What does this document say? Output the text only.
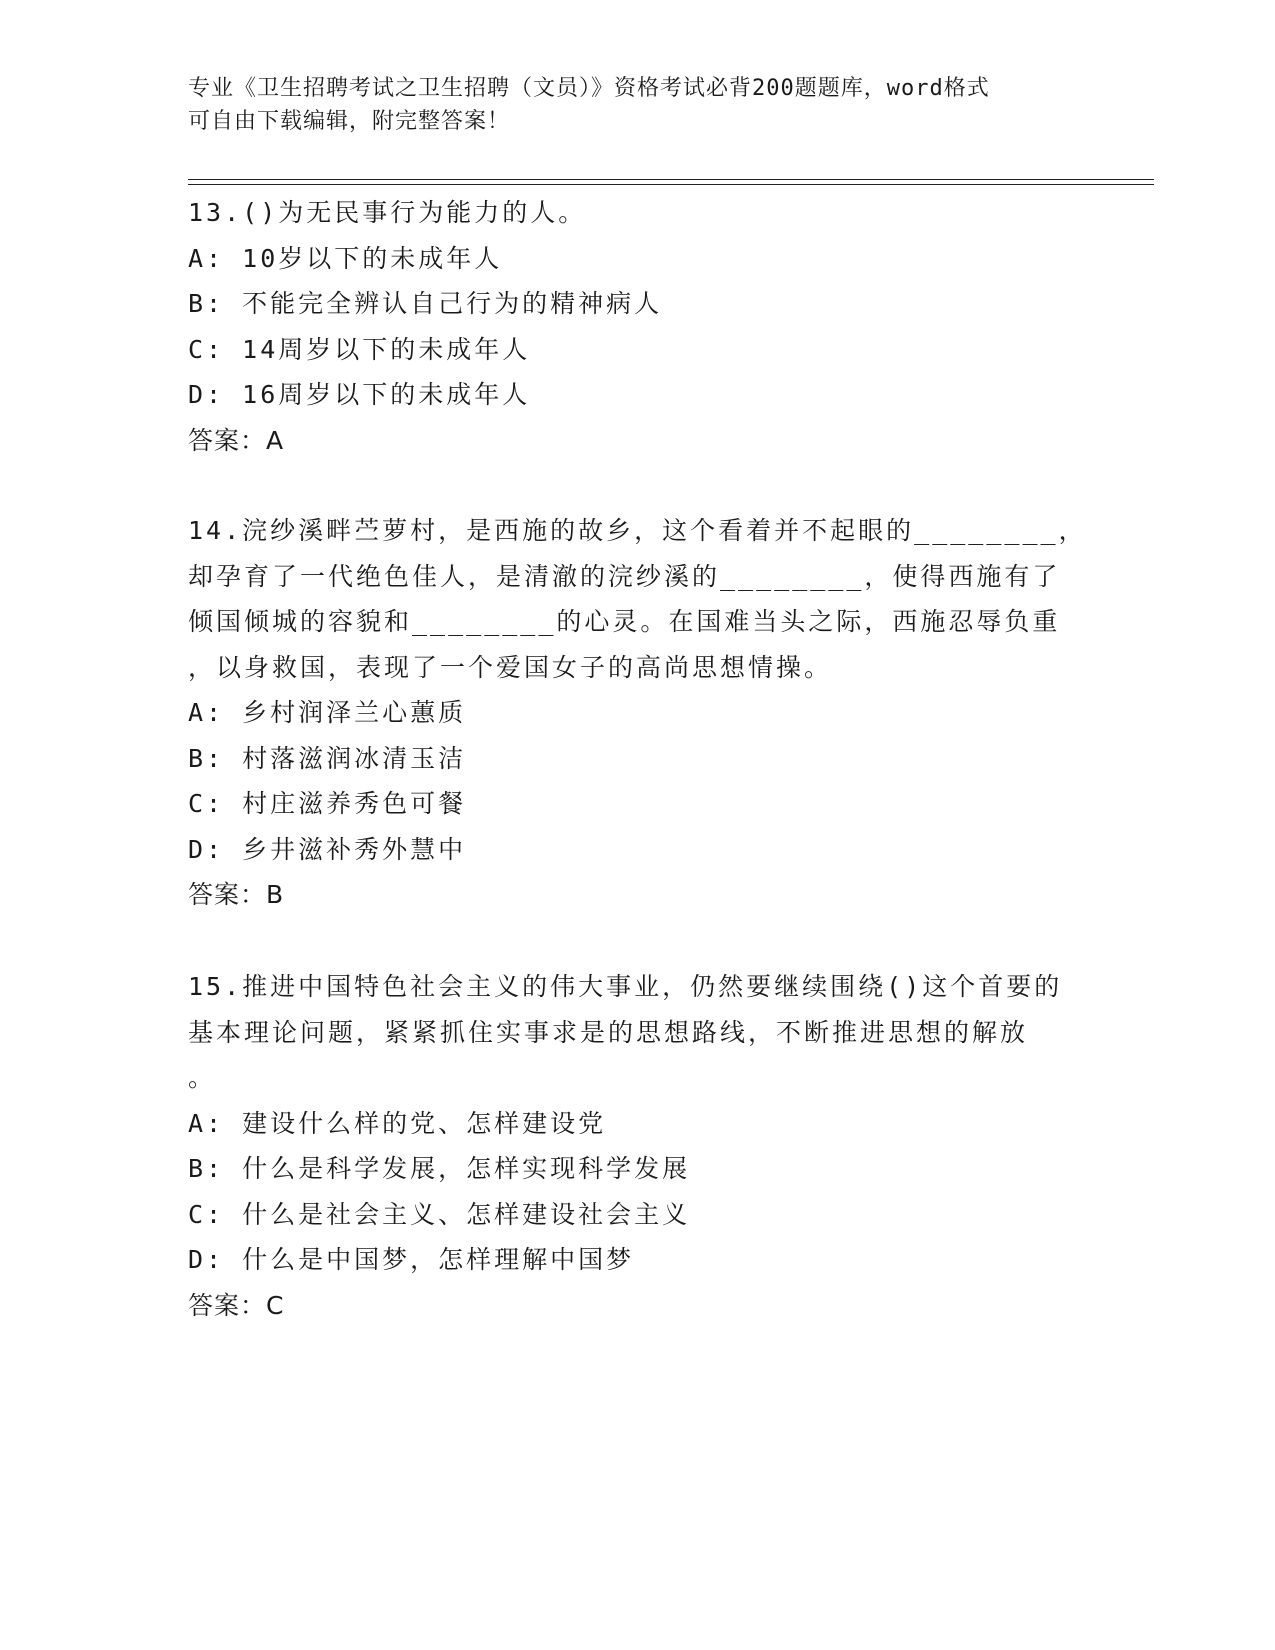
专业《卫生招聘考试之卫生招聘（文员）》资格考试必背200题题库，word格式
可自由下载编辑，附完整答案！
13.()为无民事行为能力的人。
A: 10岁以下的未成年人
B: 不能完全辨认自己行为的精神病人
C: 14周岁以下的未成年人
D: 16周岁以下的未成年人
答案：A
14.浣纱溪畔苎萝村，是西施的故乡，这个看着并不起眼的________，
却孕育了一代绝色佳人，是清澈的浣纱溪的________，使得西施有了
倾国倾城的容貌和________的心灵。在国难当头之际，西施忍辱负重
，以身救国，表现了一个爱国女子的高尚思想情操。
A: 乡村润泽兰心蕙质
B: 村落滋润冰清玉洁
C: 村庄滋养秀色可餐
D: 乡井滋补秀外慧中
答案：B
15.推进中国特色社会主义的伟大事业，仍然要继续围绕()这个首要的
基本理论问题，紧紧抓住实事求是的思想路线，不断推进思想的解放
。
A: 建设什么样的党、怎样建设党
B: 什么是科学发展，怎样实现科学发展
C: 什么是社会主义、怎样建设社会主义
D: 什么是中国梦，怎样理解中国梦
答案：C
